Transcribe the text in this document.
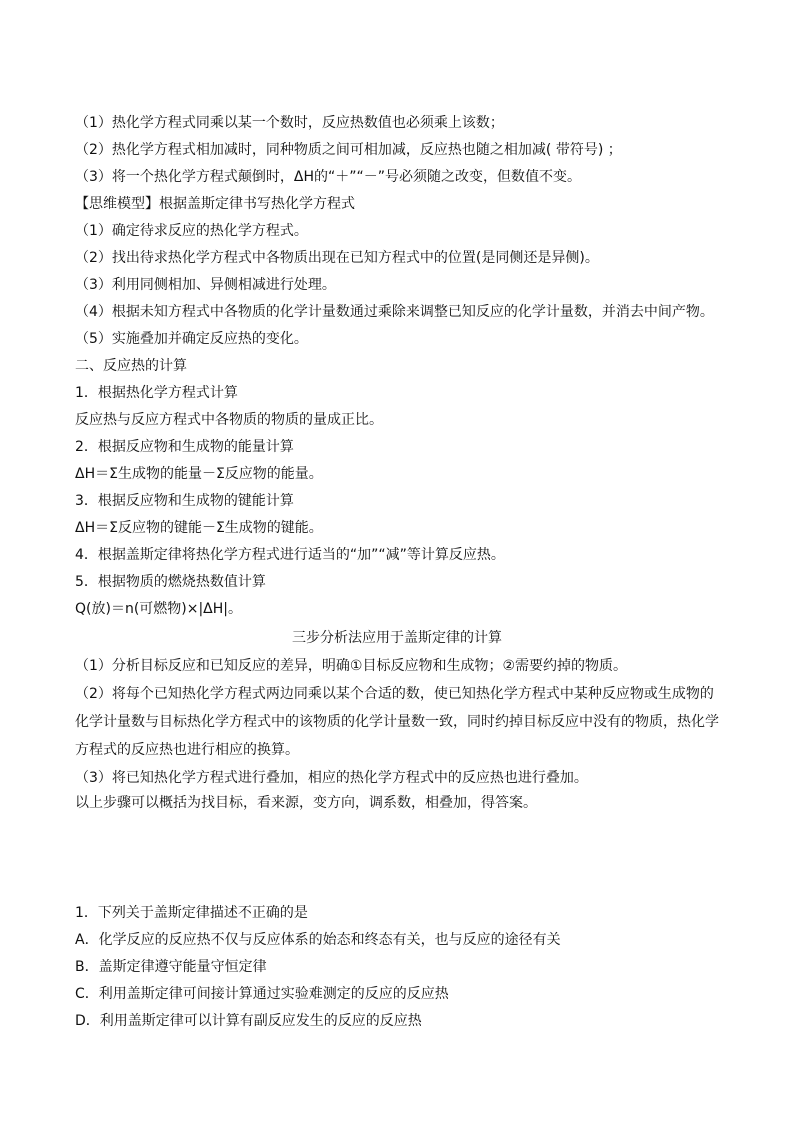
（1）热化学方程式同乘以某一个数时，反应热数值也必须乘上该数；
（2）热化学方程式相加减时，同种物质之间可相加减，反应热也随之相加减( 带符号) ；
（3）将一个热化学方程式颠倒时，ΔH的“＋”“－”号必须随之改变，但数值不变。
【思维模型】根据盖斯定律书写热化学方程式
（1）确定待求反应的热化学方程式。
（2）找出待求热化学方程式中各物质出现在已知方程式中的位置(是同侧还是异侧)。
（3）利用同侧相加、异侧相减进行处理。
（4）根据未知方程式中各物质的化学计量数通过乘除来调整已知反应的化学计量数，并消去中间产物。
（5）实施叠加并确定反应热的变化。
二、反应热的计算
1．根据热化学方程式计算
反应热与反应方程式中各物质的物质的量成正比。
2．根据反应物和生成物的能量计算
ΔH＝Σ生成物的能量－Σ反应物的能量。
3．根据反应物和生成物的键能计算
ΔH＝Σ反应物的键能－Σ生成物的键能。
4．根据盖斯定律将热化学方程式进行适当的“加”“减”等计算反应热。
5．根据物质的燃烧热数值计算
Q(放)＝n(可燃物)×|ΔH|。
三步分析法应用于盖斯定律的计算
（1）分析目标反应和已知反应的差异，明确①目标反应物和生成物；②需要约掉的物质。
（2）将每个已知热化学方程式两边同乘以某个合适的数，使已知热化学方程式中某种反应物或生成物的
化学计量数与目标热化学方程式中的该物质的化学计量数一致，同时约掉目标反应中没有的物质，热化学
方程式的反应热也进行相应的换算。
（3）将已知热化学方程式进行叠加，相应的热化学方程式中的反应热也进行叠加。
以上步骤可以概括为找目标，看来源，变方向，调系数，相叠加，得答案。
1．下列关于盖斯定律描述不正确的是
A．化学反应的反应热不仅与反应体系的始态和终态有关，也与反应的途径有关
B．盖斯定律遵守能量守恒定律
C．利用盖斯定律可间接计算通过实验难测定的反应的反应热
D．利用盖斯定律可以计算有副反应发生的反应的反应热
